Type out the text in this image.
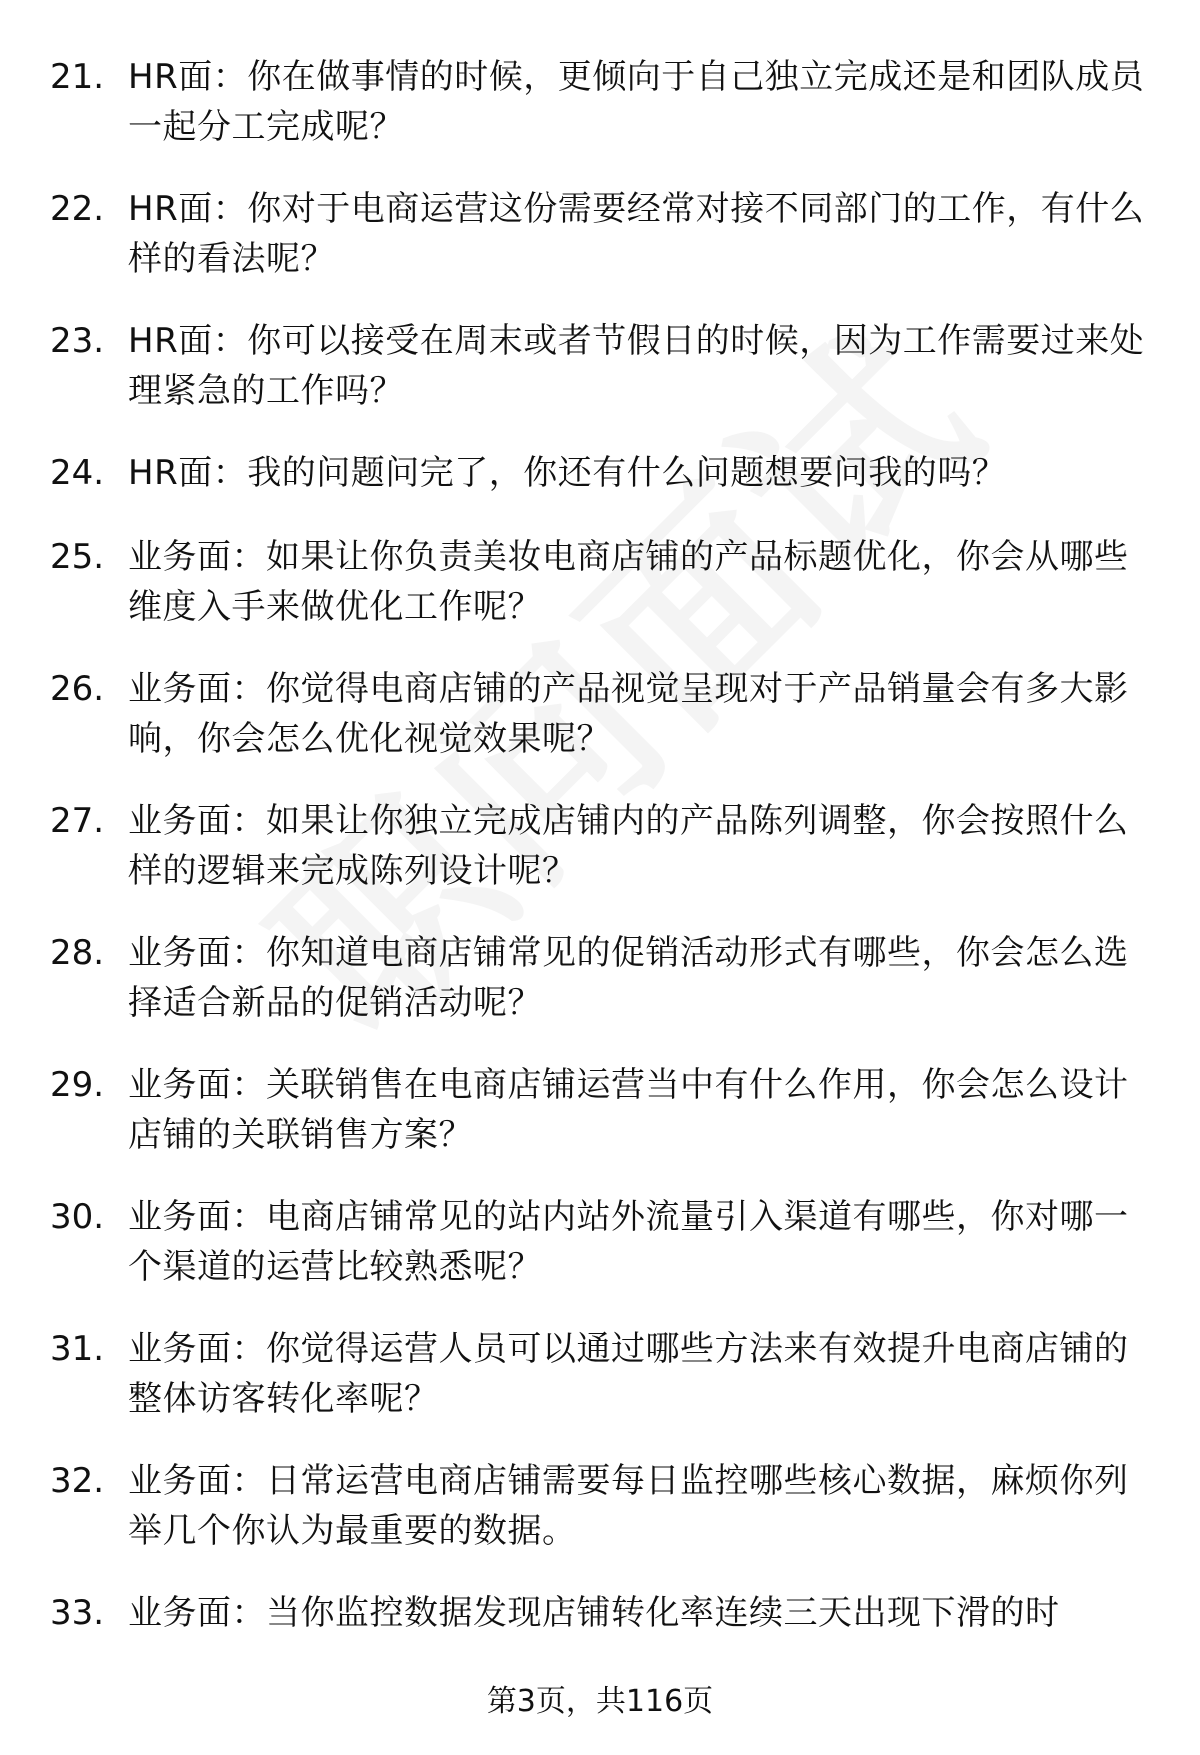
21. HR面：你在做事情的时候，更倾向于自己独立完成还是和团队成员一起分工完成呢？
22. HR面：你对于电商运营这份需要经常对接不同部门的工作，有什么样的看法呢？
23. HR面：你可以接受在周末或者节假日的时候，因为工作需要过来处理紧急的工作吗？
24. HR面：我的问题问完了，你还有什么问题想要问我的吗？
25. 业务面：如果让你负责美妆电商店铺的产品标题优化，你会从哪些维度入手来做优化工作呢？
26. 业务面：你觉得电商店铺的产品视觉呈现对于产品销量会有多大影响，你会怎么优化视觉效果呢？
27. 业务面：如果让你独立完成店铺内的产品陈列调整，你会按照什么样的逻辑来完成陈列设计呢？
28. 业务面：你知道电商店铺常见的促销活动形式有哪些，你会怎么选择适合新品的促销活动呢？
29. 业务面：关联销售在电商店铺运营当中有什么作用，你会怎么设计店铺的关联销售方案？
30. 业务面：电商店铺常见的站内站外流量引入渠道有哪些，你对哪一个渠道的运营比较熟悉呢？
31. 业务面：你觉得运营人员可以通过哪些方法来有效提升电商店铺的整体访客转化率呢？
32. 业务面：日常运营电商店铺需要每日监控哪些核心数据，麻烦你列举几个你认为最重要的数据。
33. 业务面：当你监控数据发现店铺转化率连续三天出现下滑的时
第3页，共116页
